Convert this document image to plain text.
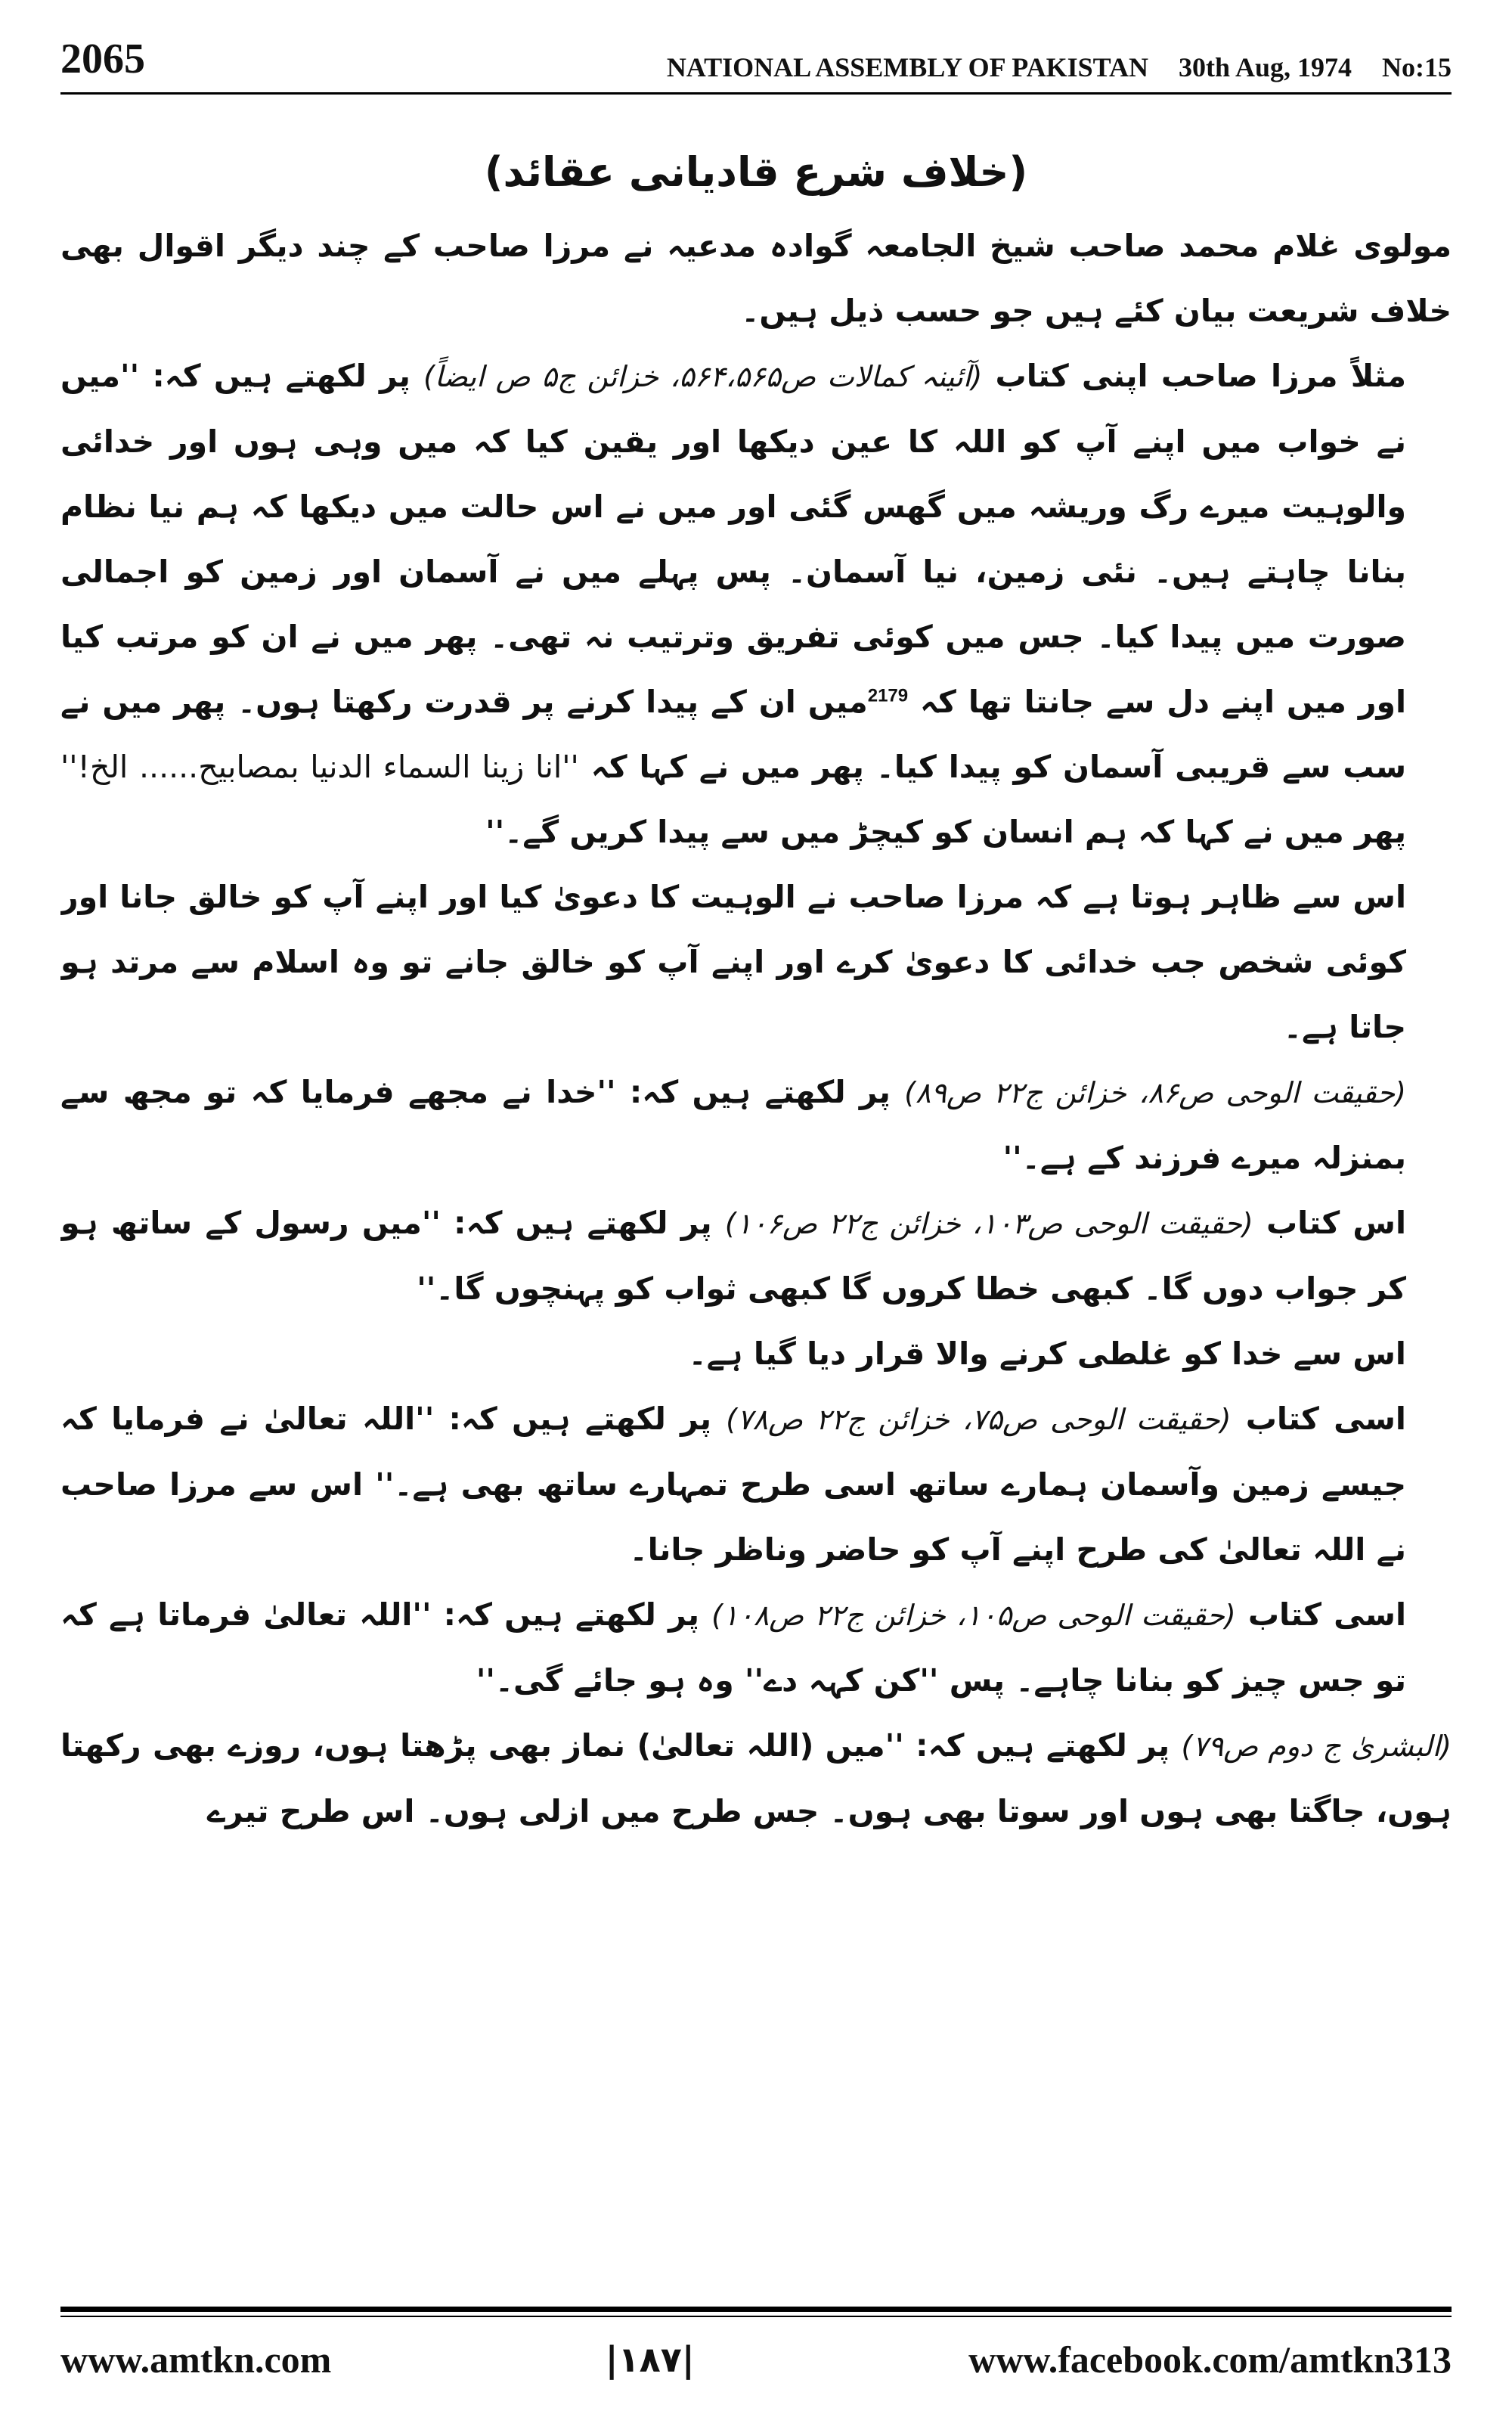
2065	NATIONAL ASSEMBLY OF PAKISTAN 30th Aug, 1974 No:15
(خلاف شرع قادیانی عقائد)

مولوی غلام محمد صاحب شیخ الجامعہ گوادہ مدعیہ نے مرزا صاحب کے چند دیگر اقوال بھی خلاف شریعت بیان کئے ہیں جو حسب ذیل ہیں۔

مثلاً مرزا صاحب اپنی کتاب (آئینہ کمالات ص۵۶۴،۵۶۵، خزائن ج۵ ص ایضاً) پر لکھتے ہیں کہ: ''میں نے خواب میں اپنے آپ کو اللہ کا عین دیکھا اور یقین کیا کہ میں وہی ہوں اور خدائی والوہیت میرے رگ وریشہ میں گھس گئی اور میں نے اس حالت میں دیکھا کہ ہم نیا نظام بنانا چاہتے ہیں۔ نئی زمین، نیا آسمان۔ پس پہلے میں نے آسمان اور زمین کو اجمالی صورت میں پیدا کیا۔ جس میں کوئی تفریق وترتیب نہ تھی۔ پھر میں نے ان کو مرتب کیا اور میں اپنے دل سے جانتا تھا کہ $^{2179}$میں ان کے پیدا کرنے پر قدرت رکھتا ہوں۔ پھر میں نے سب سے قریبی آسمان کو پیدا کیا۔ پھر میں نے کہا کہ ''انا زینا السماء الدنیا بمصابیح...... الخ!'' پھر میں نے کہا کہ ہم انسان کو کیچڑ میں سے پیدا کریں گے۔''

اس سے ظاہر ہوتا ہے کہ مرزا صاحب نے الوہیت کا دعویٰ کیا اور اپنے آپ کو خالق جانا اور کوئی شخص جب خدائی کا دعویٰ کرے اور اپنے آپ کو خالق جانے تو وہ اسلام سے مرتد ہو جاتا ہے۔

(حقیقت الوحی ص۸۶، خزائن ج۲۲ ص۸۹) پر لکھتے ہیں کہ: ''خدا نے مجھے فرمایا کہ تو مجھ سے بمنزلہ میرے فرزند کے ہے۔''

اس کتاب (حقیقت الوحی ص۱۰۳، خزائن ج۲۲ ص۱۰۶) پر لکھتے ہیں کہ: ''میں رسول کے ساتھ ہو کر جواب دوں گا۔ کبھی خطا کروں گا کبھی ثواب کو پہنچوں گا۔''

اس سے خدا کو غلطی کرنے والا قرار دیا گیا ہے۔

اسی کتاب (حقیقت الوحی ص۷۵، خزائن ج۲۲ ص۷۸) پر لکھتے ہیں کہ: ''اللہ تعالیٰ نے فرمایا کہ جیسے زمین وآسمان ہمارے ساتھ اسی طرح تمہارے ساتھ بھی ہے۔'' اس سے مرزا صاحب نے اللہ تعالیٰ کی طرح اپنے آپ کو حاضر وناظر جانا۔

اسی کتاب (حقیقت الوحی ص۱۰۵، خزائن ج۲۲ ص۱۰۸) پر لکھتے ہیں کہ: ''اللہ تعالیٰ فرماتا ہے کہ تو جس چیز کو بنانا چاہے۔ پس ''کن کہہ دے'' وہ ہو جائے گی۔''

(البشریٰ ج دوم ص۷۹) پر لکھتے ہیں کہ: ''میں (اللہ تعالیٰ) نماز بھی پڑھتا ہوں، روزے بھی رکھتا ہوں، جاگتا بھی ہوں اور سوتا بھی ہوں۔ جس طرح میں ازلی ہوں۔ اس طرح تیرے

www.amtkn.com	|۱۸۷|	www.facebook.com/amtkn313
